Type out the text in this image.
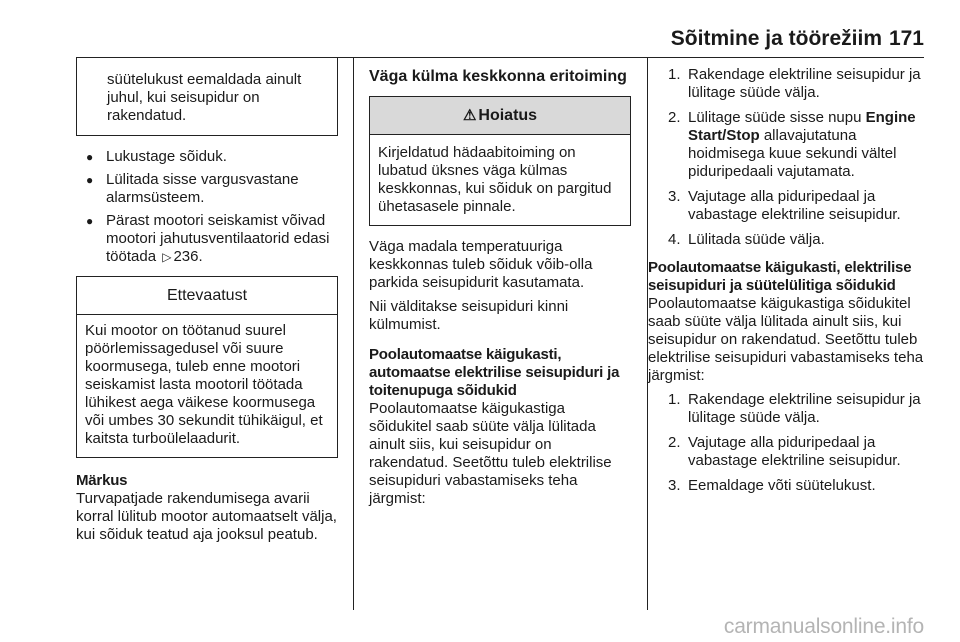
Sõitmine ja töörežiim 171
süütelukust eemaldada ainult juhul, kui seisupidur on rakendatud.
● Lukustage sõiduk.
● Lülitada sisse vargusvastane alarmsüsteem.
● Pärast mootori seiskamist võivad mootori jahutusventilaatorid edasi töötada ▷ 236.
Ettevaatust
Kui mootor on töötanud suurel pöörlemissagedusel või suure koormusega, tuleb enne mootori seiskamist lasta mootoril töötada lühikest aega väikese koormusega või umbes 30 sekundit tühikäigul, et kaitsta turboülelaadurit.
Märkus
Turvapatjade rakendumisega avarii korral lülitub mootor automaatselt välja, kui sõiduk teatud aja jooksul peatub.
Väga külma keskkonna eritoiming
⚠ Hoiatus
Kirjeldatud hädaabitoiming on lubatud üksnes väga külmas keskkonnas, kui sõiduk on pargitud ühetasasele pinnale.
Väga madala temperatuuriga keskkonnas tuleb sõiduk võib-olla parkida seisupidurit kasutamata.
Nii välditakse seisupiduri kinni külmumist.
Poolautomaatse käigukasti, automaatse elektrilise seisupiduri ja toitenupuga sõidukid
Poolautomaatse käigukastiga sõidukitel saab süüte välja lülitada ainult siis, kui seisupidur on rakendatud. Seetõttu tuleb elektrilise seisupiduri vabastamiseks teha järgmist:
1. Rakendage elektriline seisupidur ja lülitage süüde välja.
2. Lülitage süüde sisse nupu Engine Start/Stop allavajutatuna hoidmisega kuue sekundi vältel piduripedaali vajutamata.
3. Vajutage alla piduripedaal ja vabastage elektriline seisupidur.
4. Lülitada süüde välja.
Poolautomaatse käigukasti, elektrilise seisupiduri ja süütelülitiga sõidukid
Poolautomaatse käigukastiga sõidukitel saab süüte välja lülitada ainult siis, kui seisupidur on rakendatud. Seetõttu tuleb elektrilise seisupiduri vabastamiseks teha järgmist:
1. Rakendage elektriline seisupidur ja lülitage süüde välja.
2. Vajutage alla piduripedaal ja vabastage elektriline seisupidur.
3. Eemaldage võti süütelukust.
carmanualsonline.info
